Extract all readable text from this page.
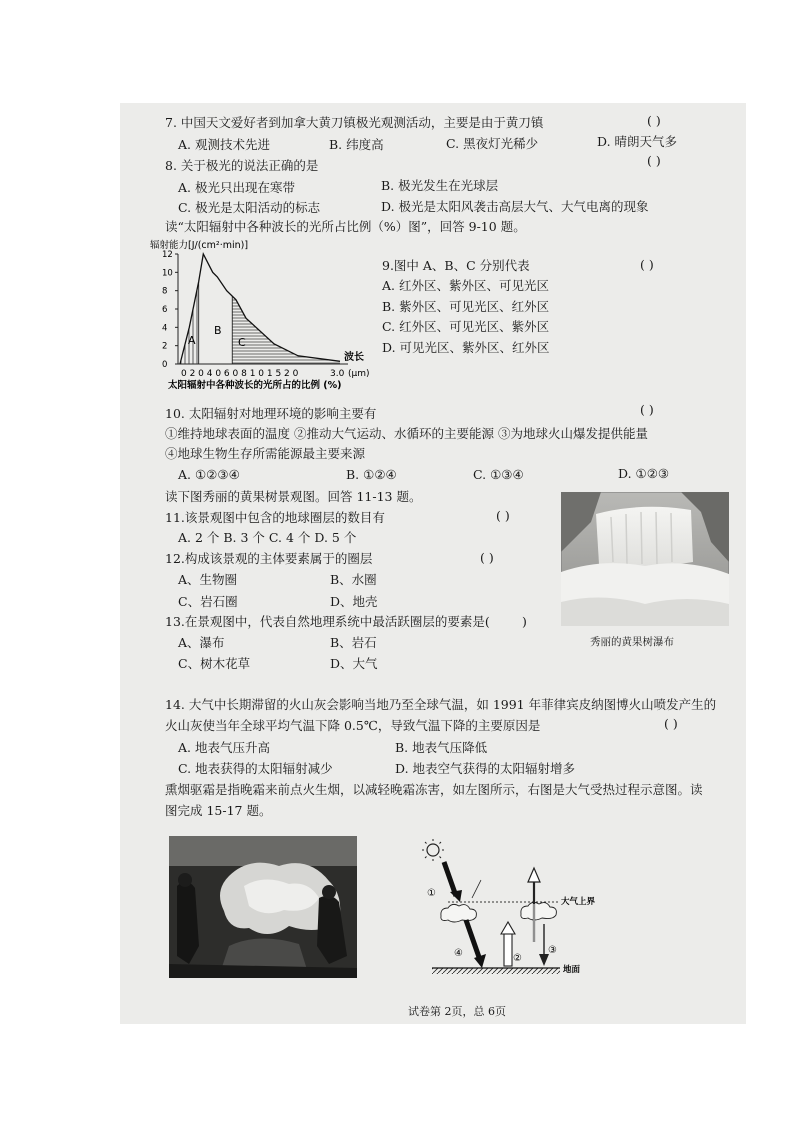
7. 中国天文爱好者到加拿大黄刀镇极光观测活动，主要是由于黄刀镇	( )
A. 观测技术先进	B. 纬度高	C. 黑夜灯光稀少	D. 晴朗天气多
8. 关于极光的说法正确的是	( )
A. 极光只出现在寒带	B. 极光发生在光球层
C. 极光是太阳活动的标志	D. 极光是太阳风袭击高层大气、大气电离的现象
读“太阳辐射中各种波长的光所占比例（%）图”，回答 9-10 题。
辐射能力[J/(cm²·min)]
12
10
8
6
4
2
0
A
B
C
波长
0 2 0 4 0 6 0 8 1 0 1 5 2 0	3.0 (μm)
太阳辐射中各种波长的光所占的比例 (%)
9.图中 A、B、C 分别代表	( )
A. 红外区、紫外区、可见光区
B. 紫外区、可见光区、红外区
C. 红外区、可见光区、紫外区
D. 可见光区、紫外区、红外区
10. 太阳辐射对地理环境的影响主要有	( )
①维持地球表面的温度 ②推动大气运动、水循环的主要能源 ③为地球火山爆发提供能量
④地球生物生存所需能源最主要来源
A. ①②③④	B. ①②④	C. ①③④	D. ①②③
读下图秀丽的黄果树景观图。回答 11-13 题。
11.该景观图中包含的地球圈层的数目有	( )
A. 2 个 B. 3 个 C. 4 个 D. 5 个
12.构成该景观的主体要素属于的圈层	( )
A、生物圈	B、水圈
C、岩石圈	D、地壳
13.在景观图中，代表自然地理系统中最活跃圈层的要素是(	)
A、瀑布	B、岩石
C、树木花草	D、大气
秀丽的黄果树瀑布
14. 大气中长期滞留的火山灰会影响当地乃至全球气温，如 1991 年菲律宾皮纳图博火山喷发产生的
火山灰使当年全球平均气温下降 0.5℃，导致气温下降的主要原因是	( )
A. 地表气压升高	B. 地表气压降低
C. 地表获得的太阳辐射减少	D. 地表空气获得的太阳辐射增多
熏烟驱霜是指晚霜来前点火生烟，以减轻晚霜冻害，如左图所示，右图是大气受热过程示意图。读
图完成 15-17 题。
大气上界
①
②
③
④
地面
试卷第 2页，总 6页
